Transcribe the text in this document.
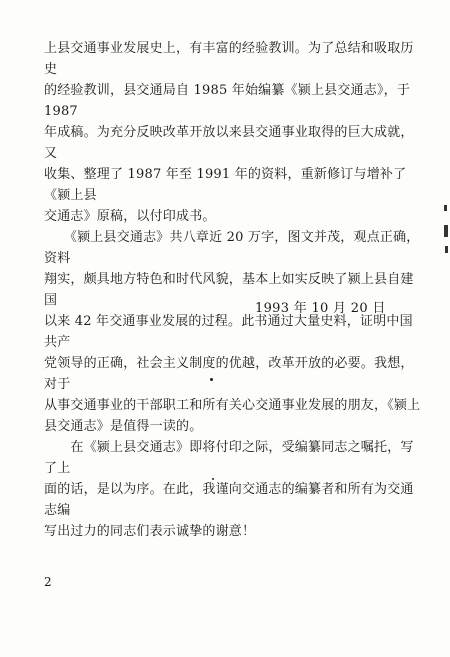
上县交通事业发展史上，有丰富的经验教训。为了总结和吸取历史
的经验教训，县交通局自 1985 年始编纂《颍上县交通志》，于 1987
年成稿。为充分反映改革开放以来县交通事业取得的巨大成就，又
收集、整理了 1987 年至 1991 年的资料，重新修订与增补了《颍上县
交通志》原稿，以付印成书。

　　《颍上县交通志》共八章近 20 万字，图文并茂，观点正确，资料
翔实，颇具地方特色和时代风貌，基本上如实反映了颍上县自建国
以来 42 年交通事业发展的过程。此书通过大量史料，证明中国共产
党领导的正确，社会主义制度的优越，改革开放的必要。我想，对于
从事交通事业的干部职工和所有关心交通事业发展的朋友，《颍上
县交通志》是值得一读的。

　　在《颍上县交通志》即将付印之际，受编纂同志之嘱托，写了上
面的话，是以为序。在此，我谨向交通志的编纂者和所有为交通志编
写出过力的同志们表示诚挚的谢意！

1993 年 10 月 20 日
2
